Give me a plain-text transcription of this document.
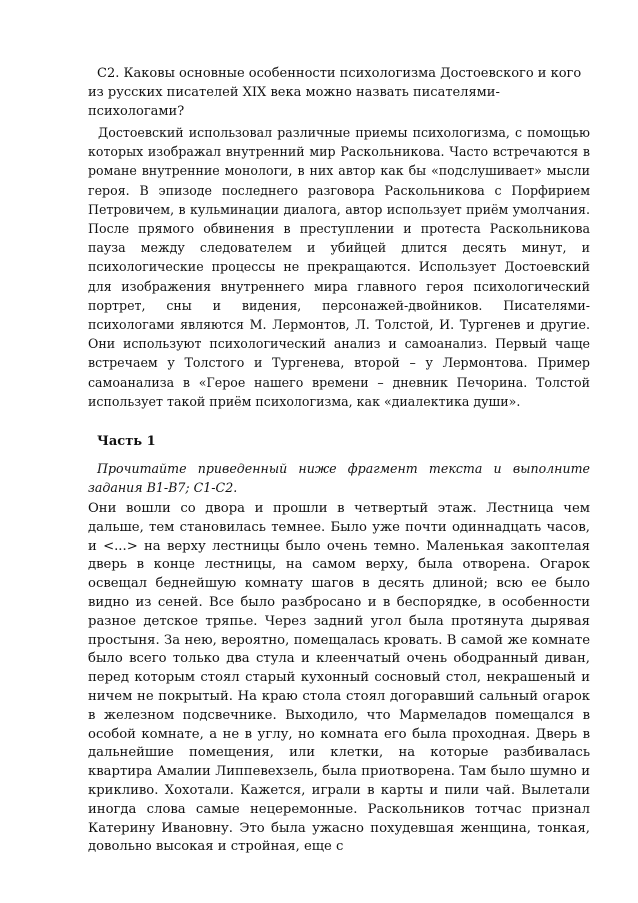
С2. Каковы основные особенности психологизма Достоевского и кого из русских писателей XIX века можно назвать писателями-психологами?

Достоевский использовал различные приемы психологизма, с помощью которых изображал внутренний мир Раскольникова. Часто встречаются в романе внутренние монологи, в них автор как бы «подслушивает» мысли героя. В эпизоде последнего разговора Раскольникова с Порфирием Петровичем, в кульминации диалога, автор использует приём умолчания. После прямого обвинения в преступлении и протеста Раскольникова пауза между следователем и убийцей длится десять минут, и психологические процессы не прекращаются. Использует Достоевский для изображения внутреннего мира главного героя психологический портрет, сны и видения, персонажей-двойников. Писателями-психологами являются М. Лермонтов, Л. Толстой, И. Тургенев и другие. Они используют психологический анализ и самоанализ. Первый чаще встречаем у Толстого и Тургенева, второй – у Лермонтова. Пример самоанализа в «Герое нашего времени – дневник Печорина. Толстой использует такой приём психологизма, как «диалектика души».

Часть 1

Прочитайте приведенный ниже фрагмент текста и выполните задания В1-В7; С1-С2.

Они вошли со двора и прошли в четвертый этаж. Лестница чем дальше, тем становилась темнее. Было уже почти одиннадцать часов, и <...> на верху лестницы было очень темно. Маленькая закоптелая дверь в конце лестницы, на самом верху, была отворена. Огарок освещал беднейшую комнату шагов в десять длиной; всю ее было видно из сеней. Все было разбросано и в беспорядке, в особенности разное детское тряпье. Через задний угол была протянута дырявая простыня. За нею, вероятно, помещалась кровать. В самой же комнате было всего только два стула и клеенчатый очень ободранный диван, перед которым стоял старый кухонный сосновый стол, некрашеный и ничем не покрытый. На краю стола стоял догоравший сальный огарок в железном подсвечнике. Выходило, что Мармеладов помещался в особой комнате, а не в углу, но комната его была проходная. Дверь в дальнейшие помещения, или клетки, на которые разбивалась квартира Амалии Липпевехзель, была приотворена. Там было шумно и крикливо. Хохотали. Кажется, играли в карты и пили чай. Вылетали иногда слова самые нецеремонные. Раскольников тотчас признал Катерину Ивановну. Это была ужасно похудевшая женщина, тонкая, довольно высокая и стройная, еще с
